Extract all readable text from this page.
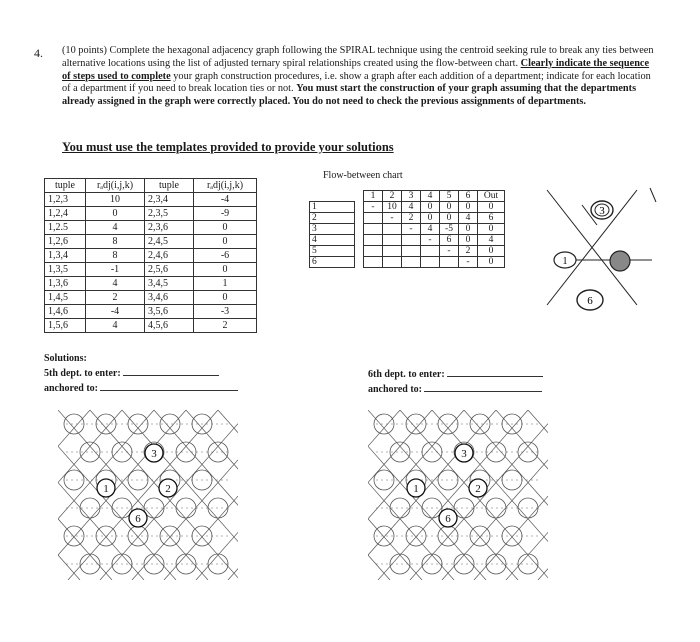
4. (10 points) Complete the hexagonal adjacency graph following the SPIRAL technique using the centroid seeking rule to break any ties between alternative locations using the list of adjusted ternary spiral relationships created using the flow-between chart. Clearly indicate the sequence of steps used to complete your graph construction procedures, i.e. show a graph after each addition of a department; indicate for each location of a department if you need to break location ties or not. You must start the construction of your graph assuming that the departments already assigned in the graph were correctly placed. You do not need to check the previous assignments of departments.
You must use the templates provided to provide your solutions
tuple	rₐdj(i,j,k)	tuple	rₐdj(i,j,k)
1,2,3	10	2,3,4	-4
1,2,4	0	2,3,5	-9
1,2.5	4	2,3,6	0
1,2,6	8	2,4,5	0
1,3,4	8	2,4,6	-6
1,3,5	-1	2,5,6	0
1,3,6	4	3,4,5	1
1,4,5	2	3,4,6	0
1,4,6	-4	3,5,6	-3
1,5,6	4	4,5,6	2
Flow-between chart
		1	2	3	4	5	6	Out
1		-	10	4	0	0	0	0
2			-	2	0	0	4	6
3				-	4	-5	0	0
4					-	6	0	4
5						-	2	0
6							-	0
3
1
6
Solutions:
5th dept. to enter:
anchored to:
6th dept. to enter:
anchored to:
3
1	2
6
3
1	2
6
